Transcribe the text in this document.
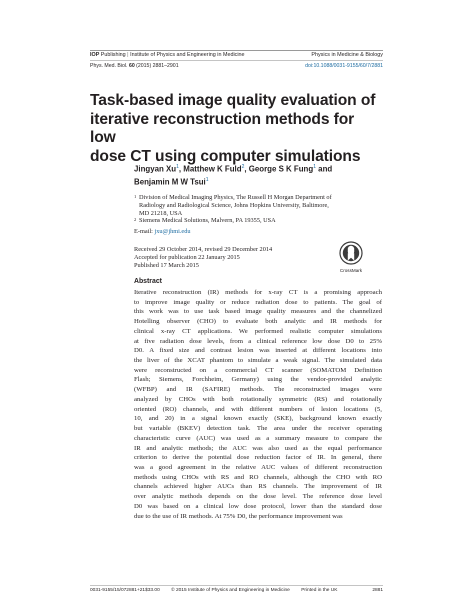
IOP Publishing | Institute of Physics and Engineering in Medicine	Physics in Medicine & Biology
Phys. Med. Biol. 60 (2015) 2881–2901	doi:10.1088/0031-9155/60/7/2881
Task-based image quality evaluation of
iterative reconstruction methods for low
dose CT using computer simulations
Jingyan Xu$^1$, Matthew K Fuld$^2$, George S K Fung$^1$ and
Benjamin M W Tsui$^1$
1 Division of Medical Imaging Physics, The Russell H Morgan Department of
Radiology and Radiological Science, Johns Hopkins University, Baltimore,
MD 21218, USA
2 Siemens Medical Solutions, Malvern, PA 19355, USA
E-mail: jxu@jhmi.edu
Received 29 October 2014, revised 29 December 2014
Accepted for publication 22 January 2015
Published 17 March 2015
CrossMark
Abstract
Iterative reconstruction (IR) methods for x-ray CT is a promising approach
to improve image quality or reduce radiation dose to patients. The goal of
this work was to use task based image quality measures and the channelized
Hotelling observer (CHO) to evaluate both analytic and IR methods for
clinical x-ray CT applications. We performed realistic computer simulations
at five radiation dose levels, from a clinical reference low dose D0 to 25%
D0. A fixed size and contrast lesion was inserted at different locations into
the liver of the XCAT phantom to simulate a weak signal. The simulated data
were reconstructed on a commercial CT scanner (SOMATOM Definition
Flash; Siemens, Forchheim, Germany) using the vendor-provided analytic
(WFBP) and IR (SAFIRE) methods. The reconstructed images were
analyzed by CHOs with both rotationally symmetric (RS) and rotationally
oriented (RO) channels, and with different numbers of lesion locations (5,
10, and 20) in a signal known exactly (SKE), background known exactly
but variable (BKEV) detection task. The area under the receiver operating
characteristic curve (AUC) was used as a summary measure to compare the
IR and analytic methods; the AUC was also used as the equal performance
criterion to derive the potential dose reduction factor of IR. In general, there
was a good agreement in the relative AUC values of different reconstruction
methods using CHOs with RS and RO channels, although the CHO with RO
channels achieved higher AUCs than RS channels. The improvement of IR
over analytic methods depends on the dose level. The reference dose level
D0 was based on a clinical low dose protocol, lower than the standard dose
due to the use of IR methods. At 75% D0, the performance improvement was
0031-9155/15/072881+21$33.00 © 2015 Institute of Physics and Engineering in Medicine Printed in the UK	2881
